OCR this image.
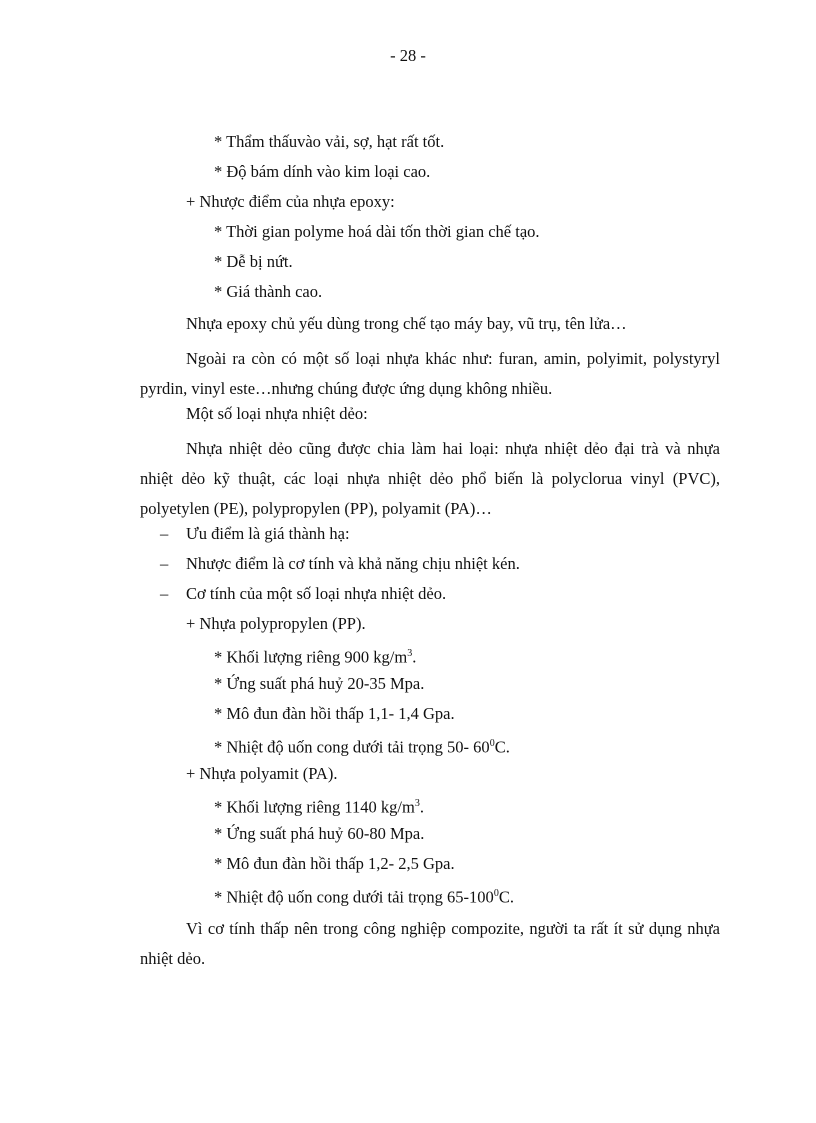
- 28 -
* Thẩm thấuvào vải, sợ, hạt rất tốt.
* Độ bám dính vào kim loại cao.
+ Nhược điểm của nhựa epoxy:
* Thời gian polyme hoá dài tốn thời gian chế tạo.
* Dễ bị nứt.
* Giá thành cao.
Nhựa epoxy chủ yếu dùng trong chế tạo máy bay, vũ trụ, tên lửa…
Ngoài ra còn có một số loại nhựa khác như: furan, amin, polyimit, polystyryl pyrdin, vinyl este…nhưng chúng được ứng dụng không nhiều.
Một số loại nhựa nhiệt dẻo:
Nhựa nhiệt dẻo cũng được chia làm hai loại: nhựa nhiệt dẻo đại trà và nhựa nhiệt dẻo kỹ thuật, các loại nhựa nhiệt dẻo phổ biến là polyclorua vinyl (PVC), polyetylen (PE), polypropylen (PP), polyamit (PA)…
– Ưu điểm là giá thành hạ:
– Nhược điểm là cơ tính và khả năng chịu nhiệt kén.
– Cơ tính của một số loại nhựa nhiệt dẻo.
+ Nhựa polypropylen (PP).
* Khối lượng riêng 900 $kg/m^3$.
* Ứng suất phá huỷ 20-35 Mpa.
* Mô đun đàn hồi thấp 1,1- 1,4 Gpa.
* Nhiệt độ uốn cong dưới tải trọng 50- $60^0C$.
+ Nhựa polyamit (PA).
* Khối lượng riêng 1140 $kg/m^3$.
* Ứng suất phá huỷ 60-80 Mpa.
* Mô đun đàn hồi thấp 1,2- 2,5 Gpa.
* Nhiệt độ uốn cong dưới tải trọng $65-100^0C$.
Vì cơ tính thấp nên trong công nghiệp compozite, người ta rất ít sử dụng nhựa nhiệt dẻo.
